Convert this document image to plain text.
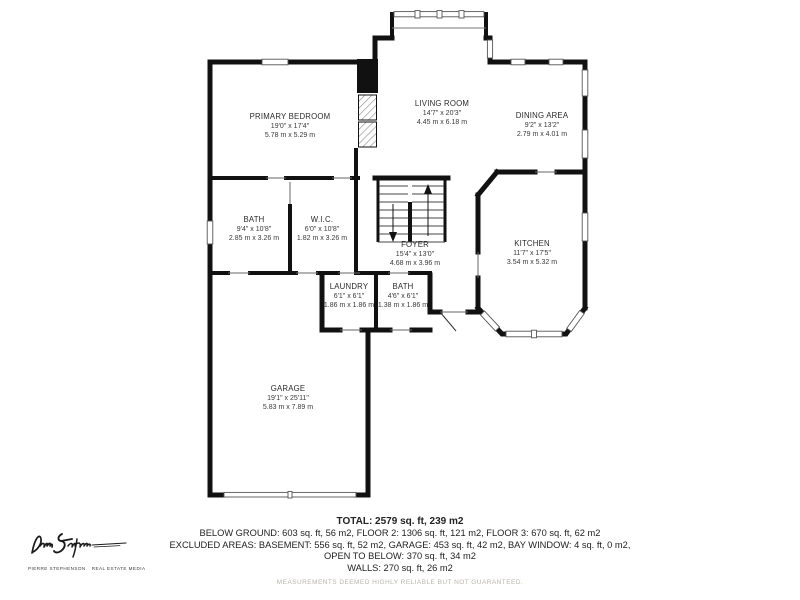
PRIMARY BEDROOM
19'0" x 17'4"
5.78 m x 5.29 m
LIVING ROOM
14'7" x 20'3"
4.45 m x 6.18 m
DINING AREA
9'2" x 13'2"
2.79 m x 4.01 m
BATH
9'4" x 10'8"
2.85 m x 3.26 m
W.I.C.
6'0" x 10'8"
1.82 m x 3.26 m
FOYER
15'4" x 13'0"
4.68 m x 3.96 m
KITCHEN
11'7" x 17'5"
3.54 m x 5.32 m
LAUNDRY
6'1" x 6'1"
1.86 m x 1.86 m
BATH
4'6" x 6'1"
1.38 m x 1.86 m
GARAGE
19'1" x 25'11"
5.83 m x 7.89 m
TOTAL: 2579 sq. ft, 239 m2
BELOW GROUND: 603 sq. ft, 56 m2, FLOOR 2: 1306 sq. ft, 121 m2, FLOOR 3: 670 sq. ft, 62 m2
EXCLUDED AREAS: BASEMENT: 556 sq. ft, 52 m2, GARAGE: 453 sq. ft, 42 m2, BAY WINDOW: 4 sq. ft, 0 m2,
OPEN TO BELOW: 370 sq. ft, 34 m2
WALLS: 270 sq. ft, 26 m2
MEASUREMENTS DEEMED HIGHLY RELIABLE BUT NOT GUARANTEED.
PIERRE STEPHENSON REAL ESTATE MEDIA
